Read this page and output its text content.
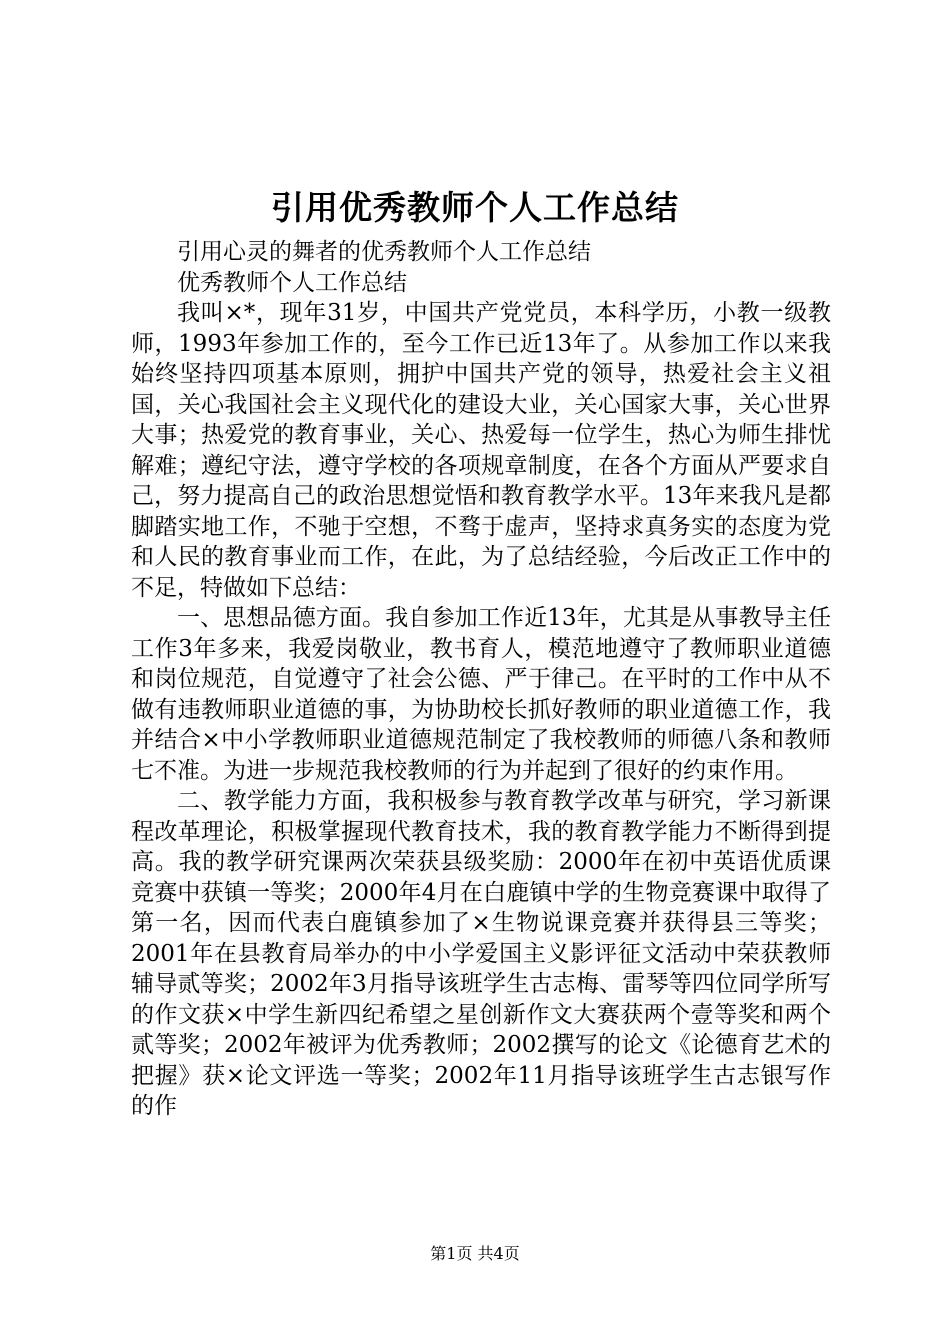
引用优秀教师个人工作总结

引用心灵的舞者的优秀教师个人工作总结

优秀教师个人工作总结

我叫×*，现年31岁，中国共产党党员，本科学历，小教一级教师，1993年参加工作的，至今工作已近13年了。从参加工作以来我始终坚持四项基本原则，拥护中国共产党的领导，热爱社会主义祖国，关心我国社会主义现代化的建设大业，关心国家大事，关心世界大事；热爱党的教育事业，关心、热爱每一位学生，热心为师生排忧解难；遵纪守法，遵守学校的各项规章制度，在各个方面从严要求自己，努力提高自己的政治思想觉悟和教育教学水平。13年来我凡是都脚踏实地工作，不驰于空想，不骛于虚声，坚持求真务实的态度为党和人民的教育事业而工作，在此，为了总结经验，今后改正工作中的不足，特做如下总结：

一、思想品德方面。我自参加工作近13年，尤其是从事教导主任工作3年多来，我爱岗敬业，教书育人，模范地遵守了教师职业道德和岗位规范，自觉遵守了社会公德、严于律己。在平时的工作中从不做有违教师职业道德的事，为协助校长抓好教师的职业道德工作，我并结合×中小学教师职业道德规范制定了我校教师的师德八条和教师七不准。为进一步规范我校教师的行为并起到了很好的约束作用。

二、教学能力方面，我积极参与教育教学改革与研究，学习新课程改革理论，积极掌握现代教育技术，我的教育教学能力不断得到提高。我的教学研究课两次荣获县级奖励：2000年在初中英语优质课竞赛中获镇一等奖；2000年4月在白鹿镇中学的生物竞赛课中取得了第一名，因而代表白鹿镇参加了×生物说课竞赛并获得县三等奖；2001年在县教育局举办的中小学爱国主义影评征文活动中荣获教师辅导贰等奖；2002年3月指导该班学生古志梅、雷琴等四位同学所写的作文获×中学生新四纪希望之星创新作文大赛获两个壹等奖和两个贰等奖；2002年被评为优秀教师；2002撰写的论文《论德育艺术的把握》获×论文评选一等奖；2002年11月指导该班学生古志银写作的作

第1页 共4页
